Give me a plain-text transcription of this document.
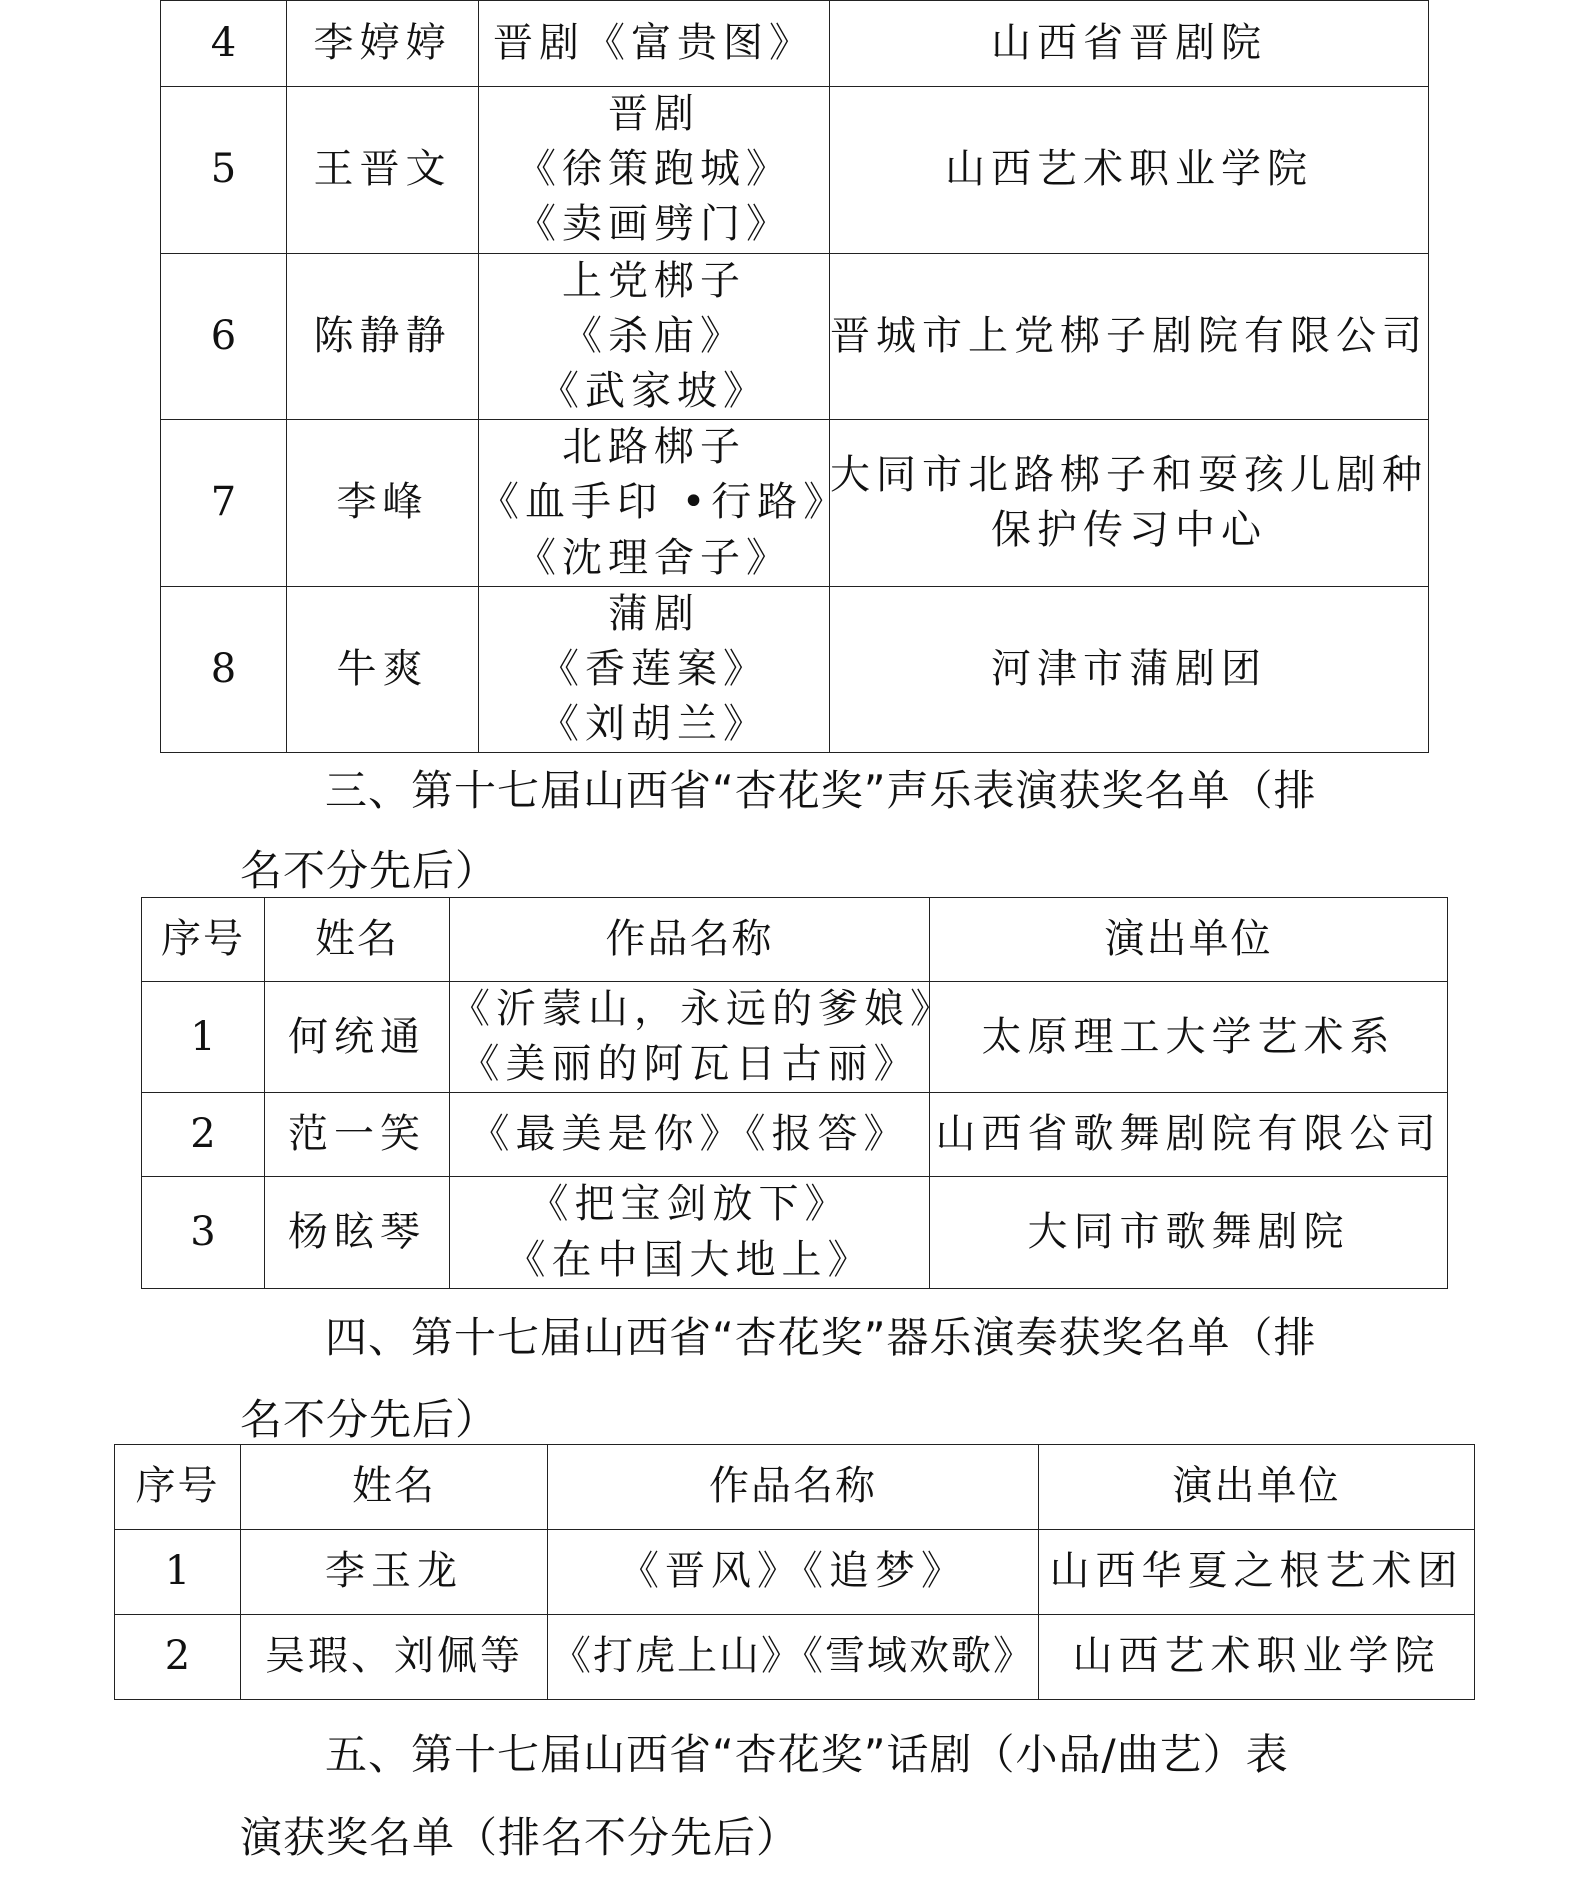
4	李婷婷	晋剧《富贵图》	山西省晋剧院

5	王晋文	晋剧
《徐策跑城》
《卖画劈门》	山西艺术职业学院

6	陈静静	上党梆子
《杀庙》
《武家坡》	晋城市上党梆子剧院有限公司

7	李峰	北路梆子
《血手印 •行路》
《沈理舍子》	大同市北路梆子和耍孩儿剧种
保护传习中心

8	牛爽	蒲剧
《香莲案》
《刘胡兰》	河津市蒲剧团

三、第十七届山西省“杏花奖”声乐表演获奖名单（排

名不分先后）

序号	姓名	作品名称	演出单位
1	何统通	《沂蒙山，永远的爹娘》
《美丽的阿瓦日古丽》	太原理工大学艺术系

2	范一笑	《最美是你》《报答》	山西省歌舞剧院有限公司

3	杨眩琴	《把宝剑放下》
《在中国大地上》	大同市歌舞剧院

四、第十七届山西省“杏花奖”器乐演奏获奖名单（排

名不分先后）

序号	姓名	作品名称	演出单位
1	李玉龙	《晋风》《追梦》	山西华夏之根艺术团

2	吴瑕、刘佩等	《打虎上山》《雪域欢歌》	山西艺术职业学院

五、第十七届山西省“杏花奖”话剧（小品/曲艺）表

演获奖名单（排名不分先后）
